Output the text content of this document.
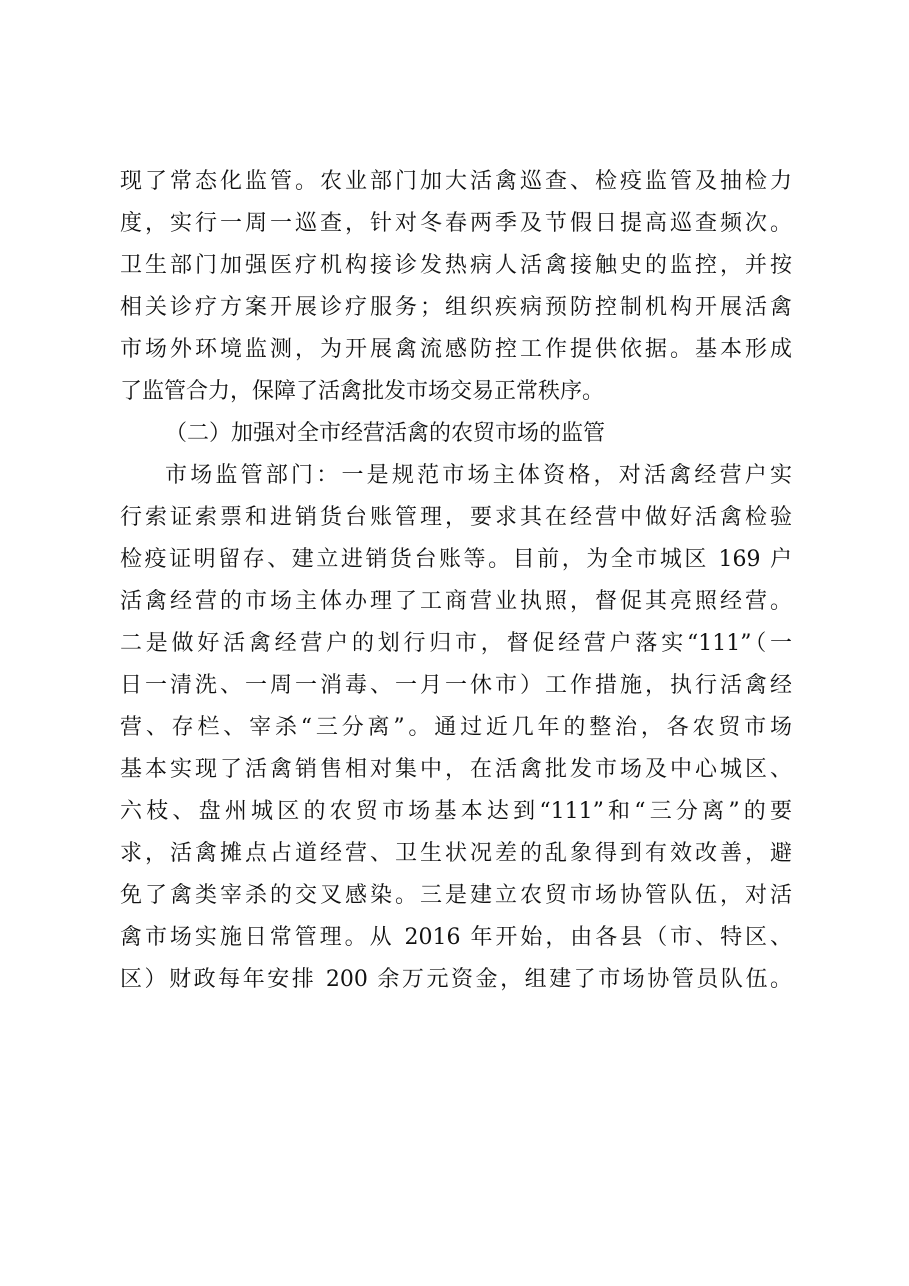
现了常态化监管。农业部门加大活禽巡查、检疫监管及抽检力
度，实行一周一巡查，针对冬春两季及节假日提高巡查频次。
卫生部门加强医疗机构接诊发热病人活禽接触史的监控，并按
相关诊疗方案开展诊疗服务；组织疾病预防控制机构开展活禽
市场外环境监测，为开展禽流感防控工作提供依据。基本形成
了监管合力，保障了活禽批发市场交易正常秩序。
（二）加强对全市经营活禽的农贸市场的监管
市场监管部门：一是规范市场主体资格，对活禽经营户实
行索证索票和进销货台账管理，要求其在经营中做好活禽检验
检疫证明留存、建立进销货台账等。目前，为全市城区 169 户
活禽经营的市场主体办理了工商营业执照，督促其亮照经营。
二是做好活禽经营户的划行归市，督促经营户落实“111”（一
日一清洗、一周一消毒、一月一休市）工作措施，执行活禽经
营、存栏、宰杀“三分离”。通过近几年的整治，各农贸市场
基本实现了活禽销售相对集中，在活禽批发市场及中心城区、
六枝、盘州城区的农贸市场基本达到“111”和“三分离”的要
求，活禽摊点占道经营、卫生状况差的乱象得到有效改善，避
免了禽类宰杀的交叉感染。三是建立农贸市场协管队伍，对活
禽市场实施日常管理。从 2016 年开始，由各县（市、特区、
区）财政每年安排 200 余万元资金，组建了市场协管员队伍。
